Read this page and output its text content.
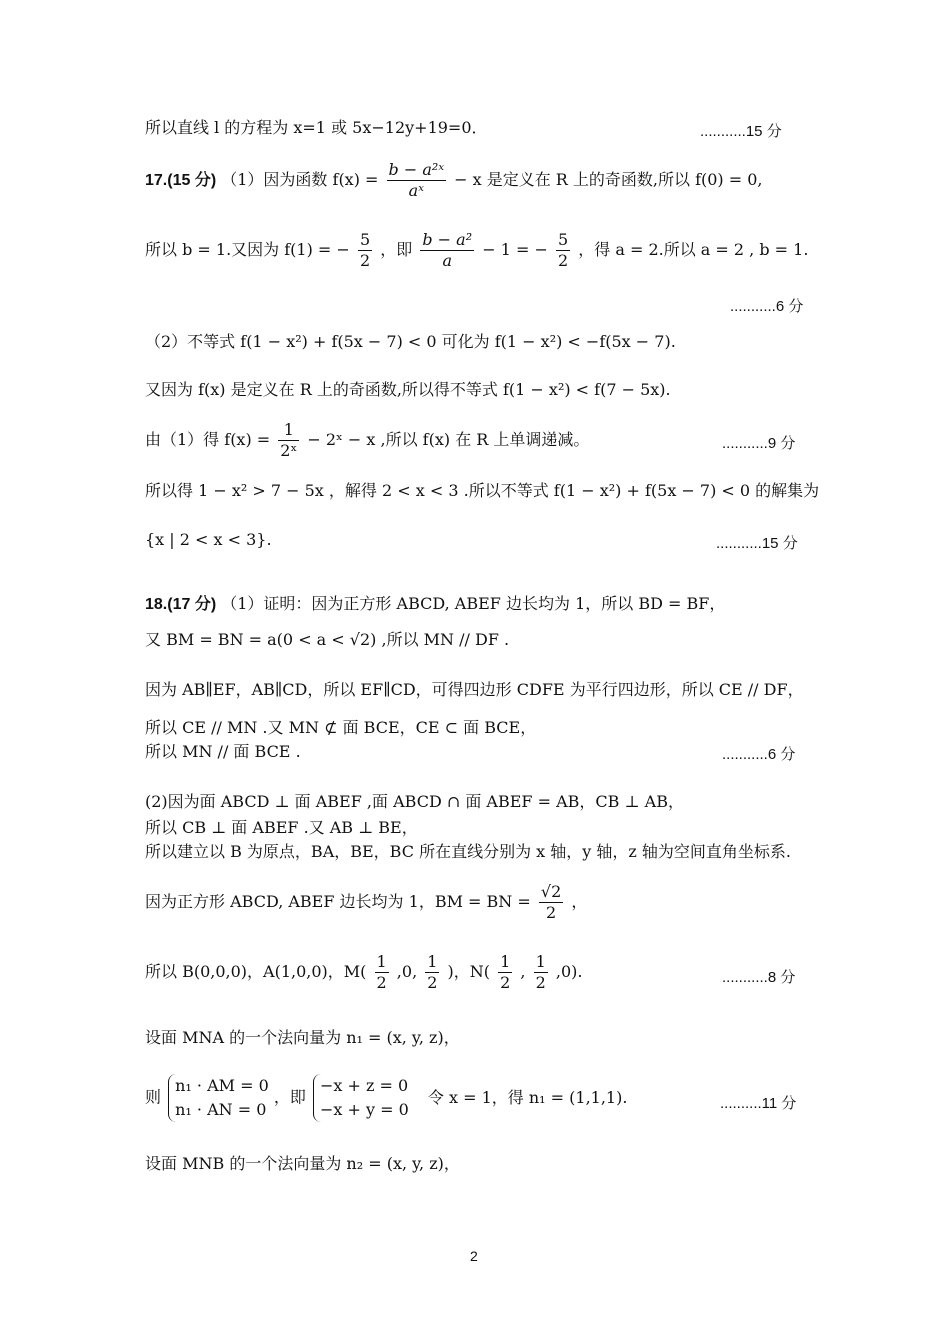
所以直线 l 的方程为 x=1 或 5x−12y+19=0．	...........15 分
17.(15 分) （1）因为函数 $f(x) = \frac{\text{b − a²ˣ}}{\text{aˣ}} - x$ 是定义在 R 上的奇函数,所以 f(0) = 0,
所以 b = 1.又因为 f(1) = − $\frac{5}{2}$ ，即 $\frac{\text{b − a²}}{a} - 1$ = − $\frac{5}{2}$ ，得 a = 2.所以 a = 2 , b = 1.
...........6 分
（2）不等式 f(1 − x²) + f(5x − 7) < 0 可化为 f(1 − x²) < −f(5x − 7).
又因为 f(x) 是定义在 R 上的奇函数,所以得不等式 f(1 − x²) < f(7 − 5x).
由（1）得 $f(x) = \frac{1}{\text{2ˣ}}$ − 2ˣ − x ,所以 f(x) 在 R 上单调递减。	...........9 分
所以得 1 − x² > 7 − 5x ，解得 2 < x < 3 .所以不等式 f(1 − x²) + f(5x − 7) < 0 的解集为
{x | 2 < x < 3}.	...........15 分
18.(17 分) （1）证明：因为正方形 ABCD, ABEF 边长均为 1，所以 BD = BF，
又 BM = BN = a(0 < a < √2) ,所以 MN // DF .
因为 AB∥EF，AB∥CD，所以 EF∥CD，可得四边形 CDFE 为平行四边形，所以 CE // DF，
所以 CE // MN .又 MN ⊄ 面 BCE，CE ⊂ 面 BCE，
所以 MN // 面 BCE .	...........6 分
(2)因为面 ABCD ⊥ 面 ABEF ,面 ABCD ∩ 面 ABEF = AB，CB ⊥ AB，
所以 CB ⊥ 面 ABEF .又 AB ⊥ BE，
所以建立以 B 为原点，BA，BE，BC 所在直线分别为 x 轴，y 轴，z 轴为空间直角坐标系.
因为正方形 ABCD, ABEF 边长均为 1，BM = BN = $\frac{√2}{2}$ ，
所以 B(0,0,0)，A(1,0,0)，$M( \frac{1}{2} ,0$, $\frac{1}{2}$ )，$N( \frac{1}{2}$ , $\frac{1}{2} ,0$).	...........8 分
设面 MNA 的一个法向量为 n₁ = (x, y, z)，
则
n₁ · AM = 0
n₁ · AN = 0
，即
−x + z = 0
−x + y = 0
令 x = 1，得 n₁ = (1,1,1).	..........11 分
设面 MNB 的一个法向量为 n₂ = (x, y, z)，
2
